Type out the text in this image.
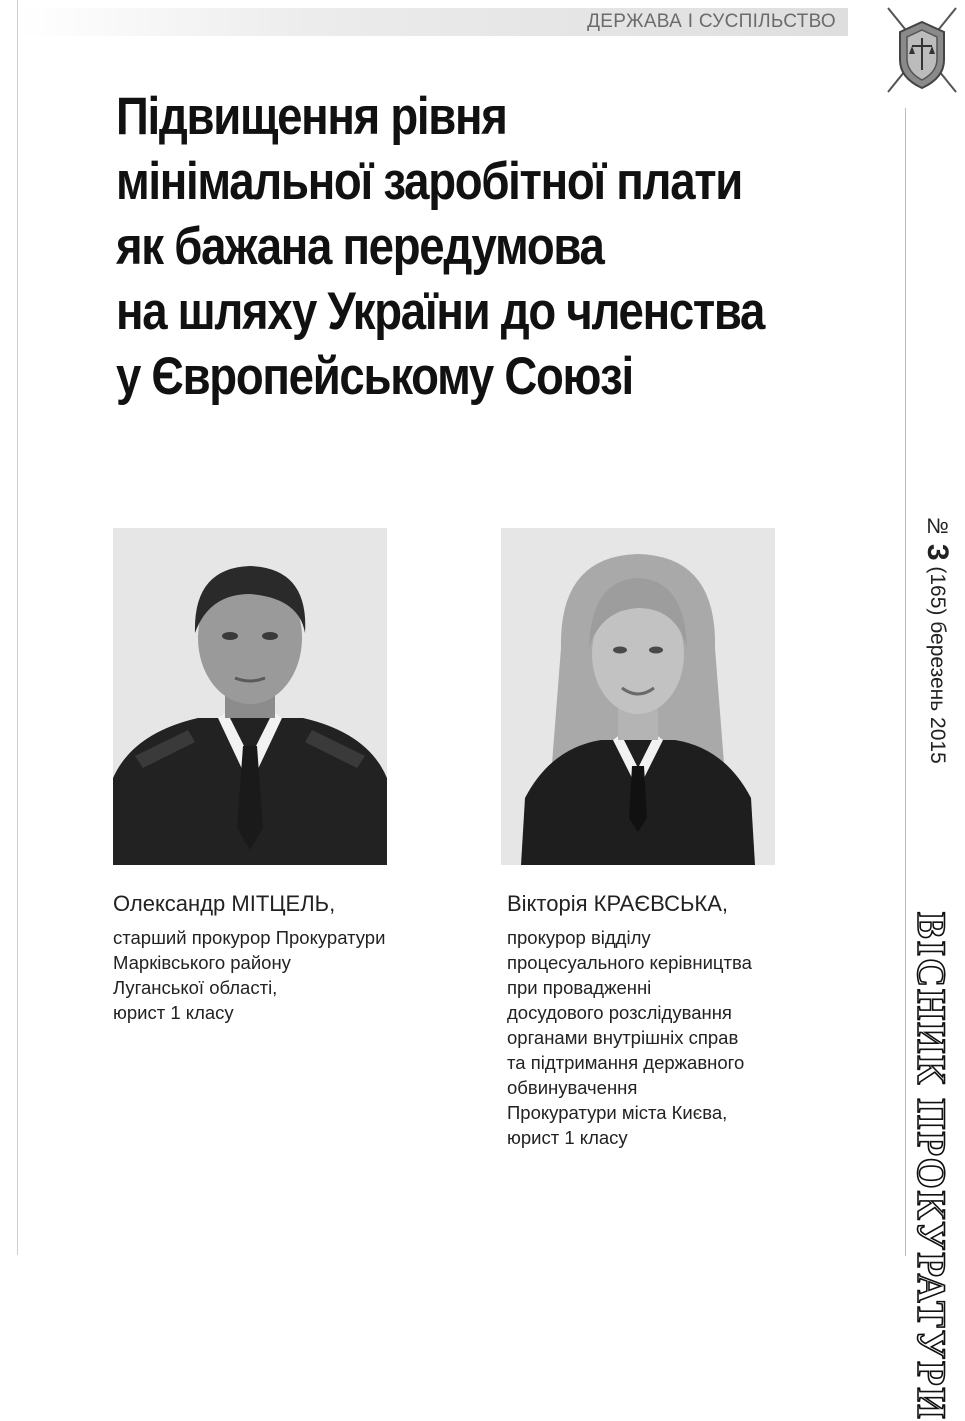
ДЕРЖАВА І СУСПІЛЬСТВО
№ 3 (165) березень 2015
ВІСНИК ПРОКУРАТУРИ
Підвищення рівня
мінімальної заробітної плати
як бажана передумова
на шляху України до членства
у Європейському Союзі
Олександр МІТЦЕЛЬ,
старший прокурор Прокуратури
Марківського району
Луганської області,
юрист 1 класу
Вікторія КРАЄВСЬКА,
прокурор відділу
процесуального керівництва
при провадженні
досудового розслідування
органами внутрішніх справ
та підтримання державного
обвинувачення
Прокуратури міста Києва,
юрист 1 класу
